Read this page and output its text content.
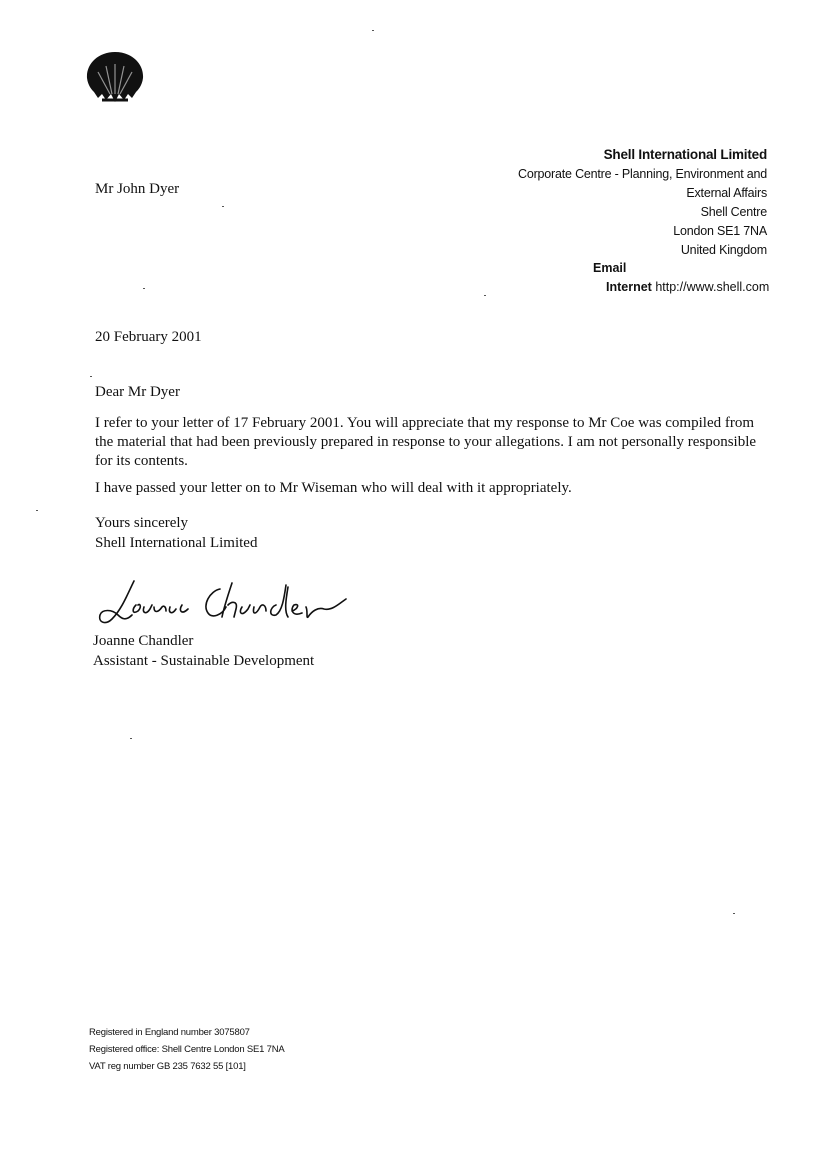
Shell International Limited
Corporate Centre - Planning, Environment and
External Affairs
Shell Centre
London SE1 7NA
United Kingdom
Email
Internet http://www.shell.com
Mr John Dyer
20 February 2001
Dear Mr Dyer
I refer to your letter of 17 February 2001. You will appreciate that my response to Mr Coe was compiled from the material that had been previously prepared in response to your allegations. I am not personally responsible for its contents.
I have passed your letter on to Mr Wiseman who will deal with it appropriately.
Yours sincerely
Shell International Limited
Joanne Chandler
Assistant - Sustainable Development
Registered in England number 3075807
Registered office: Shell Centre London SE1 7NA
VAT reg number GB 235 7632 55 [101]
